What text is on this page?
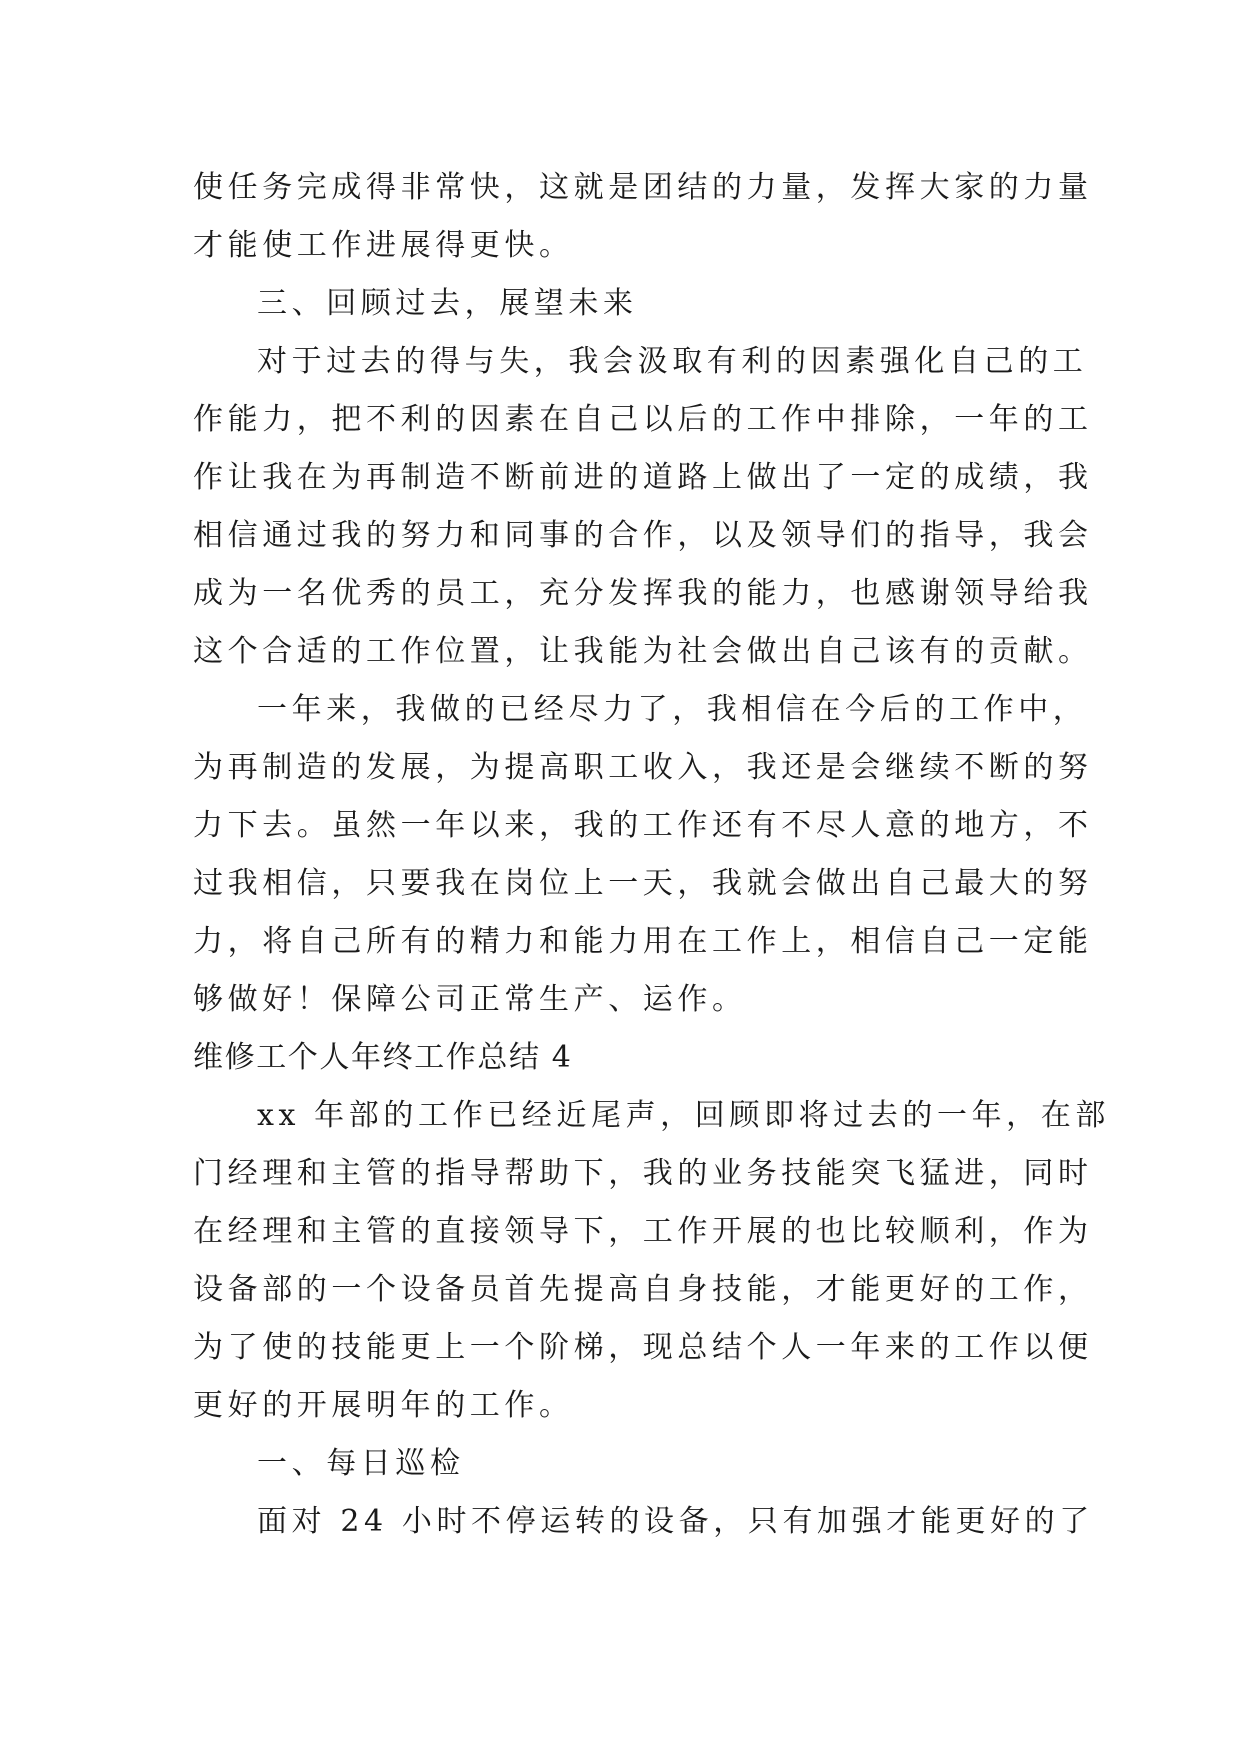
使任务完成得非常快，这就是团结的力量，发挥大家的力量
才能使工作进展得更快。
三、回顾过去，展望未来
对于过去的得与失，我会汲取有利的因素强化自己的工
作能力，把不利的因素在自己以后的工作中排除，一年的工
作让我在为再制造不断前进的道路上做出了一定的成绩，我
相信通过我的努力和同事的合作，以及领导们的指导，我会
成为一名优秀的员工，充分发挥我的能力，也感谢领导给我
这个合适的工作位置，让我能为社会做出自己该有的贡献。
一年来，我做的已经尽力了，我相信在今后的工作中，
为再制造的发展，为提高职工收入，我还是会继续不断的努
力下去。虽然一年以来，我的工作还有不尽人意的地方，不
过我相信，只要我在岗位上一天，我就会做出自己最大的努
力，将自己所有的精力和能力用在工作上，相信自己一定能
够做好！保障公司正常生产、运作。
维修工个人年终工作总结 4
xx 年部的工作已经近尾声，回顾即将过去的一年，在部
门经理和主管的指导帮助下，我的业务技能突飞猛进，同时
在经理和主管的直接领导下，工作开展的也比较顺利，作为
设备部的一个设备员首先提高自身技能，才能更好的工作，
为了使的技能更上一个阶梯，现总结个人一年来的工作以便
更好的开展明年的工作。
一、每日巡检
面对 24 小时不停运转的设备，只有加强才能更好的了
